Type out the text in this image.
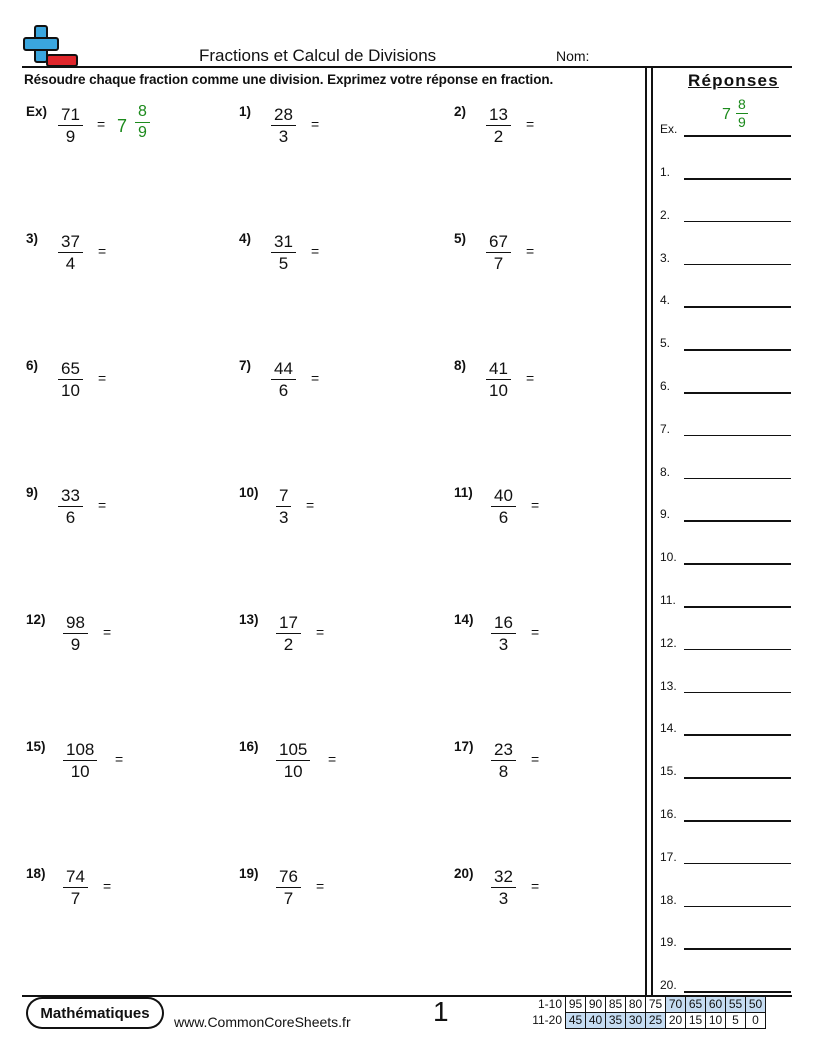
Fractions et Calcul de Divisions	Nom:
Résoudre chaque fraction comme une division. Exprimez votre réponse en fraction.
$Ex) \frac{71}{9} = 7 \frac{8}{9}$	$1) \frac{28}{3}$ =
$2) \frac{13}{2}$ =
$3) \frac{37}{4}$ =
$4) \frac{31}{5}$ =
$5) \frac{67}{7}$ =
$6) \frac{65}{10}$ =
$7) \frac{44}{6}$ =
$8) \frac{41}{10}$ =
$9) \frac{33}{6}$ =
$10) \frac{7}{3}$ =
$11) \frac{40}{6}$ =
$12) \frac{98}{9}$ =
$13) \frac{17}{2}$ =
$14) \frac{16}{3}$ =
$15) \frac{108}{10}$ =
$16) \frac{105}{10}$ =
$17) \frac{23}{8}$ =
$18) \frac{74}{7}$ =
$19) \frac{76}{7}$ =
$20) \frac{32}{3}$ =
Réponses
Ex.
$7 \frac{8}{9}$
1.
2.
3.
4.
5.
6.
7.
8.
9.
10.
11.
12.
13.
14.
15.
16.
17.
18.
19.
20.
Mathématiques
www.CommonCoreSheets.fr	1	1-10	95	90	85	80	75	70	65	60	55	50
11-20	45	40	35	30	25	20	15	10	5	0
